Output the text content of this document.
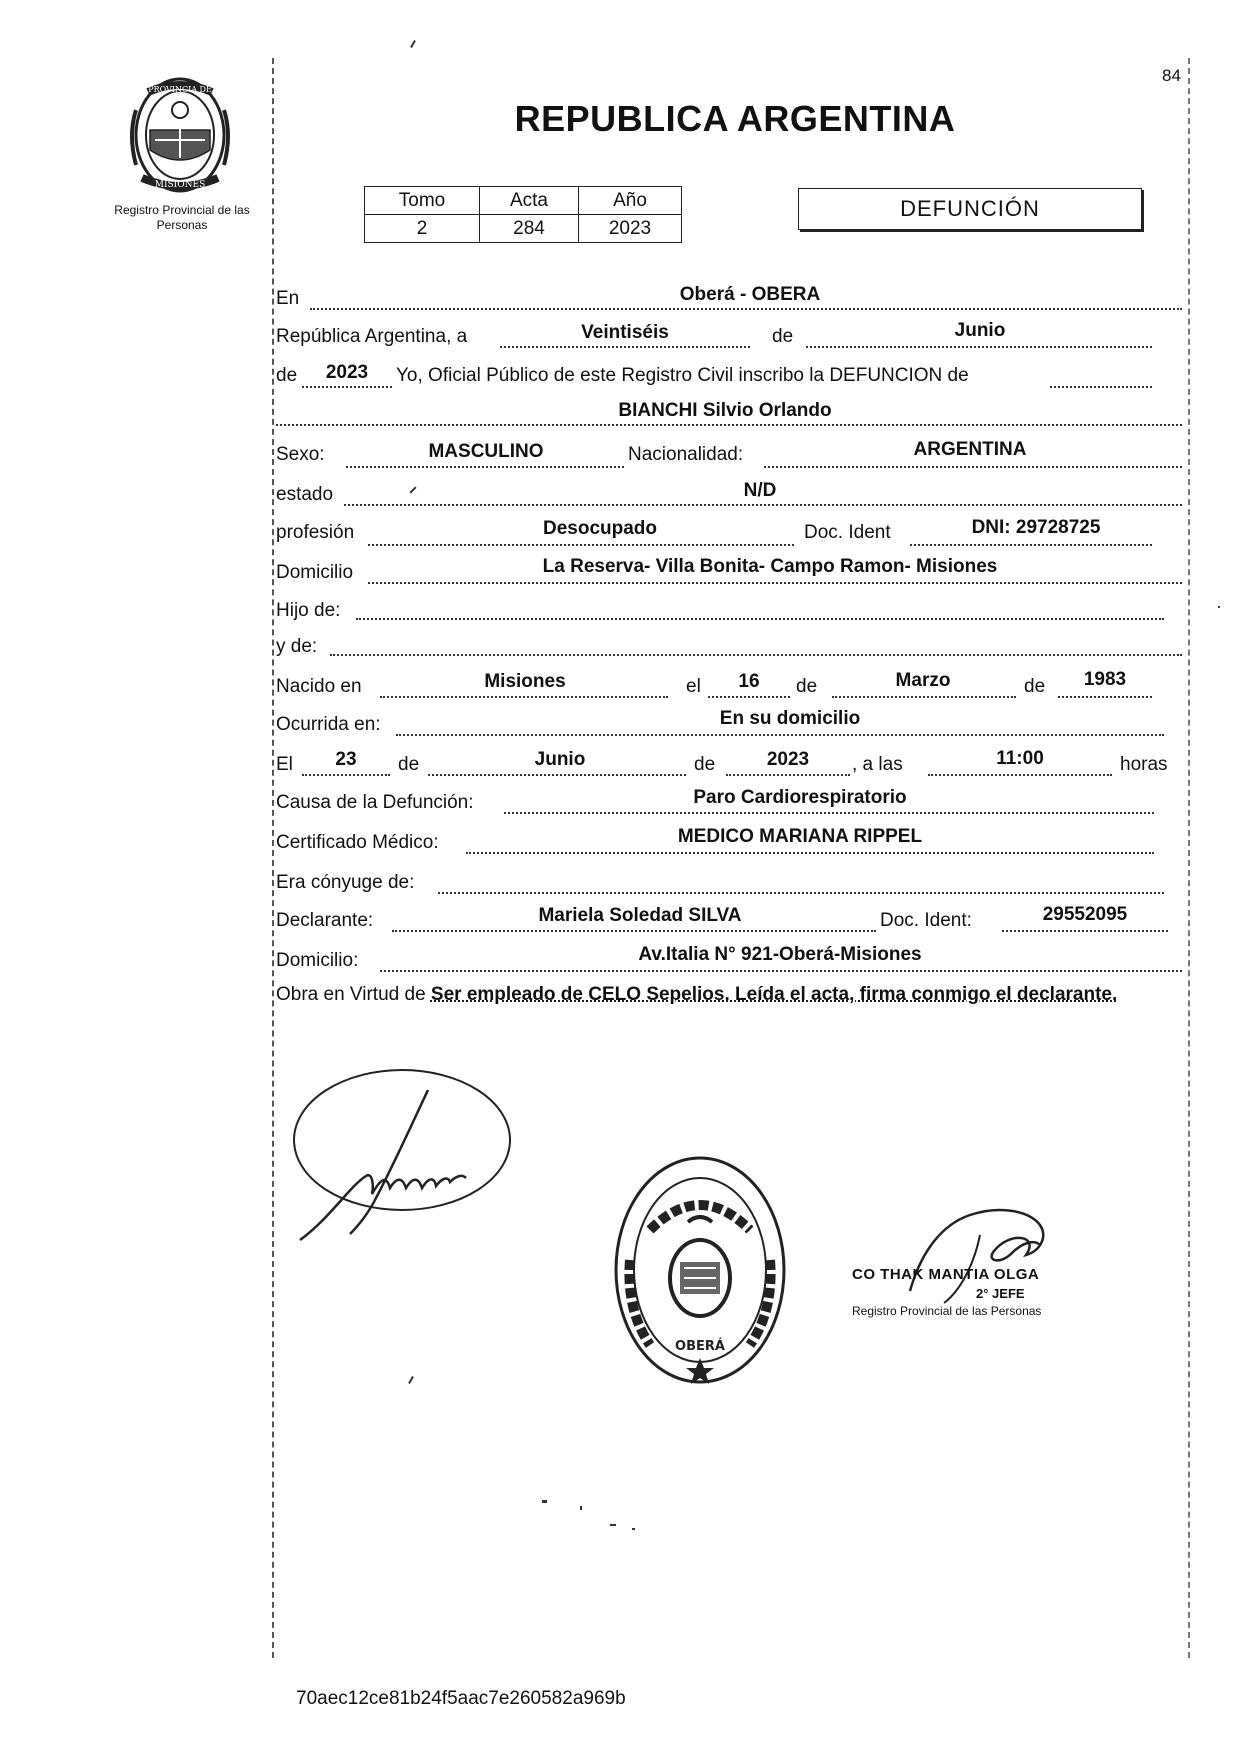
PROVINCIA DE
MISIONES
Registro Provincial de las Personas
84
REPUBLICA ARGENTINA
Tomo	Acta	Año
2	284	2023
DEFUNCIÓN
En	Oberá - OBERA
República Argentina, a	Veintiséis	de	Junio
de	2023	Yo, Oficial Público de este Registro Civil inscribo la DEFUNCION de
BIANCHI Silvio Orlando
Sexo:	MASCULINO	Nacionalidad:	ARGENTINA
estado	N/D
profesión	Desocupado	Doc. Ident	DNI: 29728725
Domicilio	La Reserva- Villa Bonita- Campo Ramon- Misiones
Hijo de:
y de:
Nacido en	Misiones	el	16	de	Marzo	de	1983
Ocurrida en:	En su domicilio
El	23	de	Junio	de	2023	, a las	11:00	horas
Causa de la Defunción:	Paro Cardiorespiratorio
Certificado Médico:	MEDICO MARIANA RIPPEL
Era cónyuge de:
Declarante:	Mariela Soledad SILVA	Doc. Ident:	29552095
Domicilio:	Av.Italia N° 921-Oberá-Misiones
Obra en Virtud de Ser empleado de CELO Sepelios. Leída el acta, firma conmigo el declarante.
OBERÁ
DELEGACION DEL REGISTRO PROVINCIAL DE LAS PERSONAS
CO THAK MANTIA OLGA
2° JEFE
Registro Provincial de las Personas
70aec12ce81b24f5aac7e260582a969b
